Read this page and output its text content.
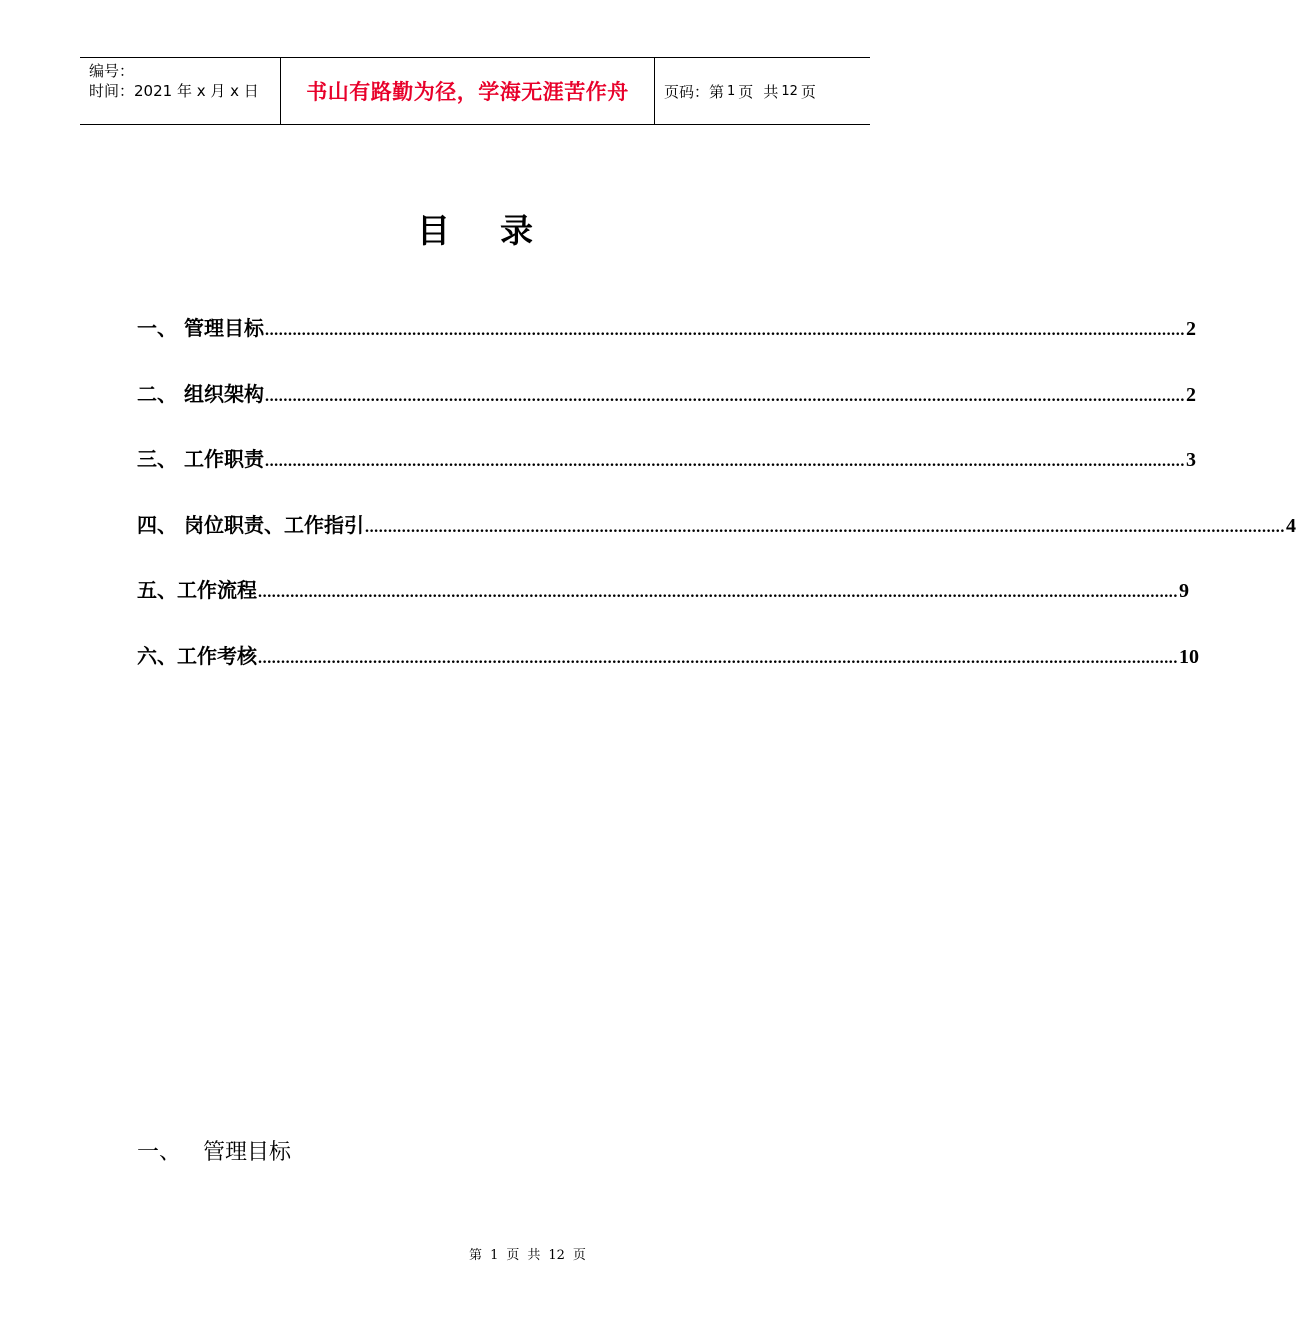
编号：
时间：2021 年 x 月 x 日	书山有路勤为径，学海无涯苦作舟	页码：第 1 页 共 12 页
目 录
一、 管理目标 ........................................................................................................................................................................................................ 2
二、 组织架构 ........................................................................................................................................................................................................ 2
三、 工作职责 ........................................................................................................................................................................................................ 3
四、 岗位职责、工作指引 ........................................................................................................................................................................................................ 4
五、工作流程 ........................................................................................................................................................................................................ 9
六、工作考核 ........................................................................................................................................................................................................ 10
一、 管理目标
第 1 页 共 12 页
